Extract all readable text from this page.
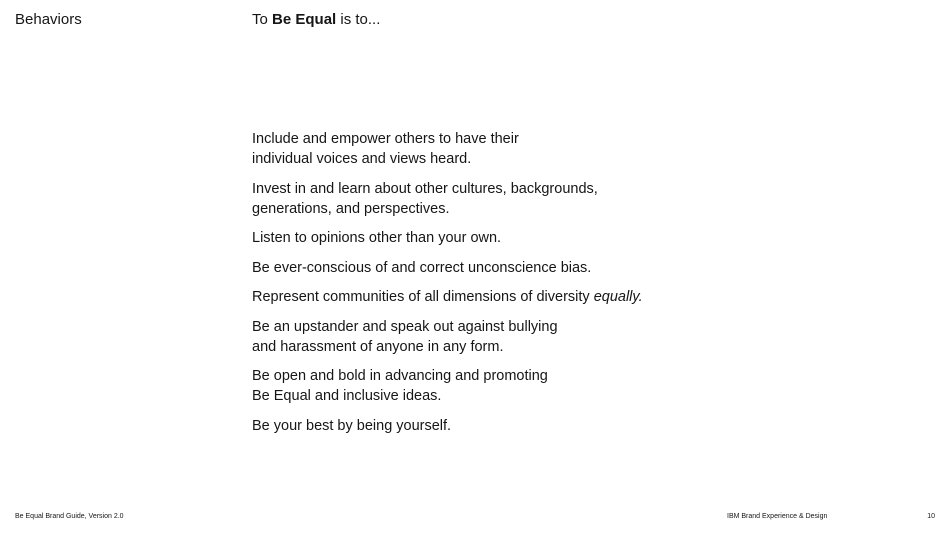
Behaviors	To Be Equal is to...
Include and empower others to have their
individual voices and views heard.
Invest in and learn about other cultures, backgrounds,
generations, and perspectives.
Listen to opinions other than your own.
Be ever-conscious of and correct unconscience bias.
Represent communities of all dimensions of diversity equally.
Be an upstander and speak out against bullying
and harassment of anyone in any form.
Be open and bold in advancing and promoting
Be Equal and inclusive ideas.
Be your best by being yourself.
Be Equal Brand Guide, Version 2.0	IBM Brand Experience & Design	10
